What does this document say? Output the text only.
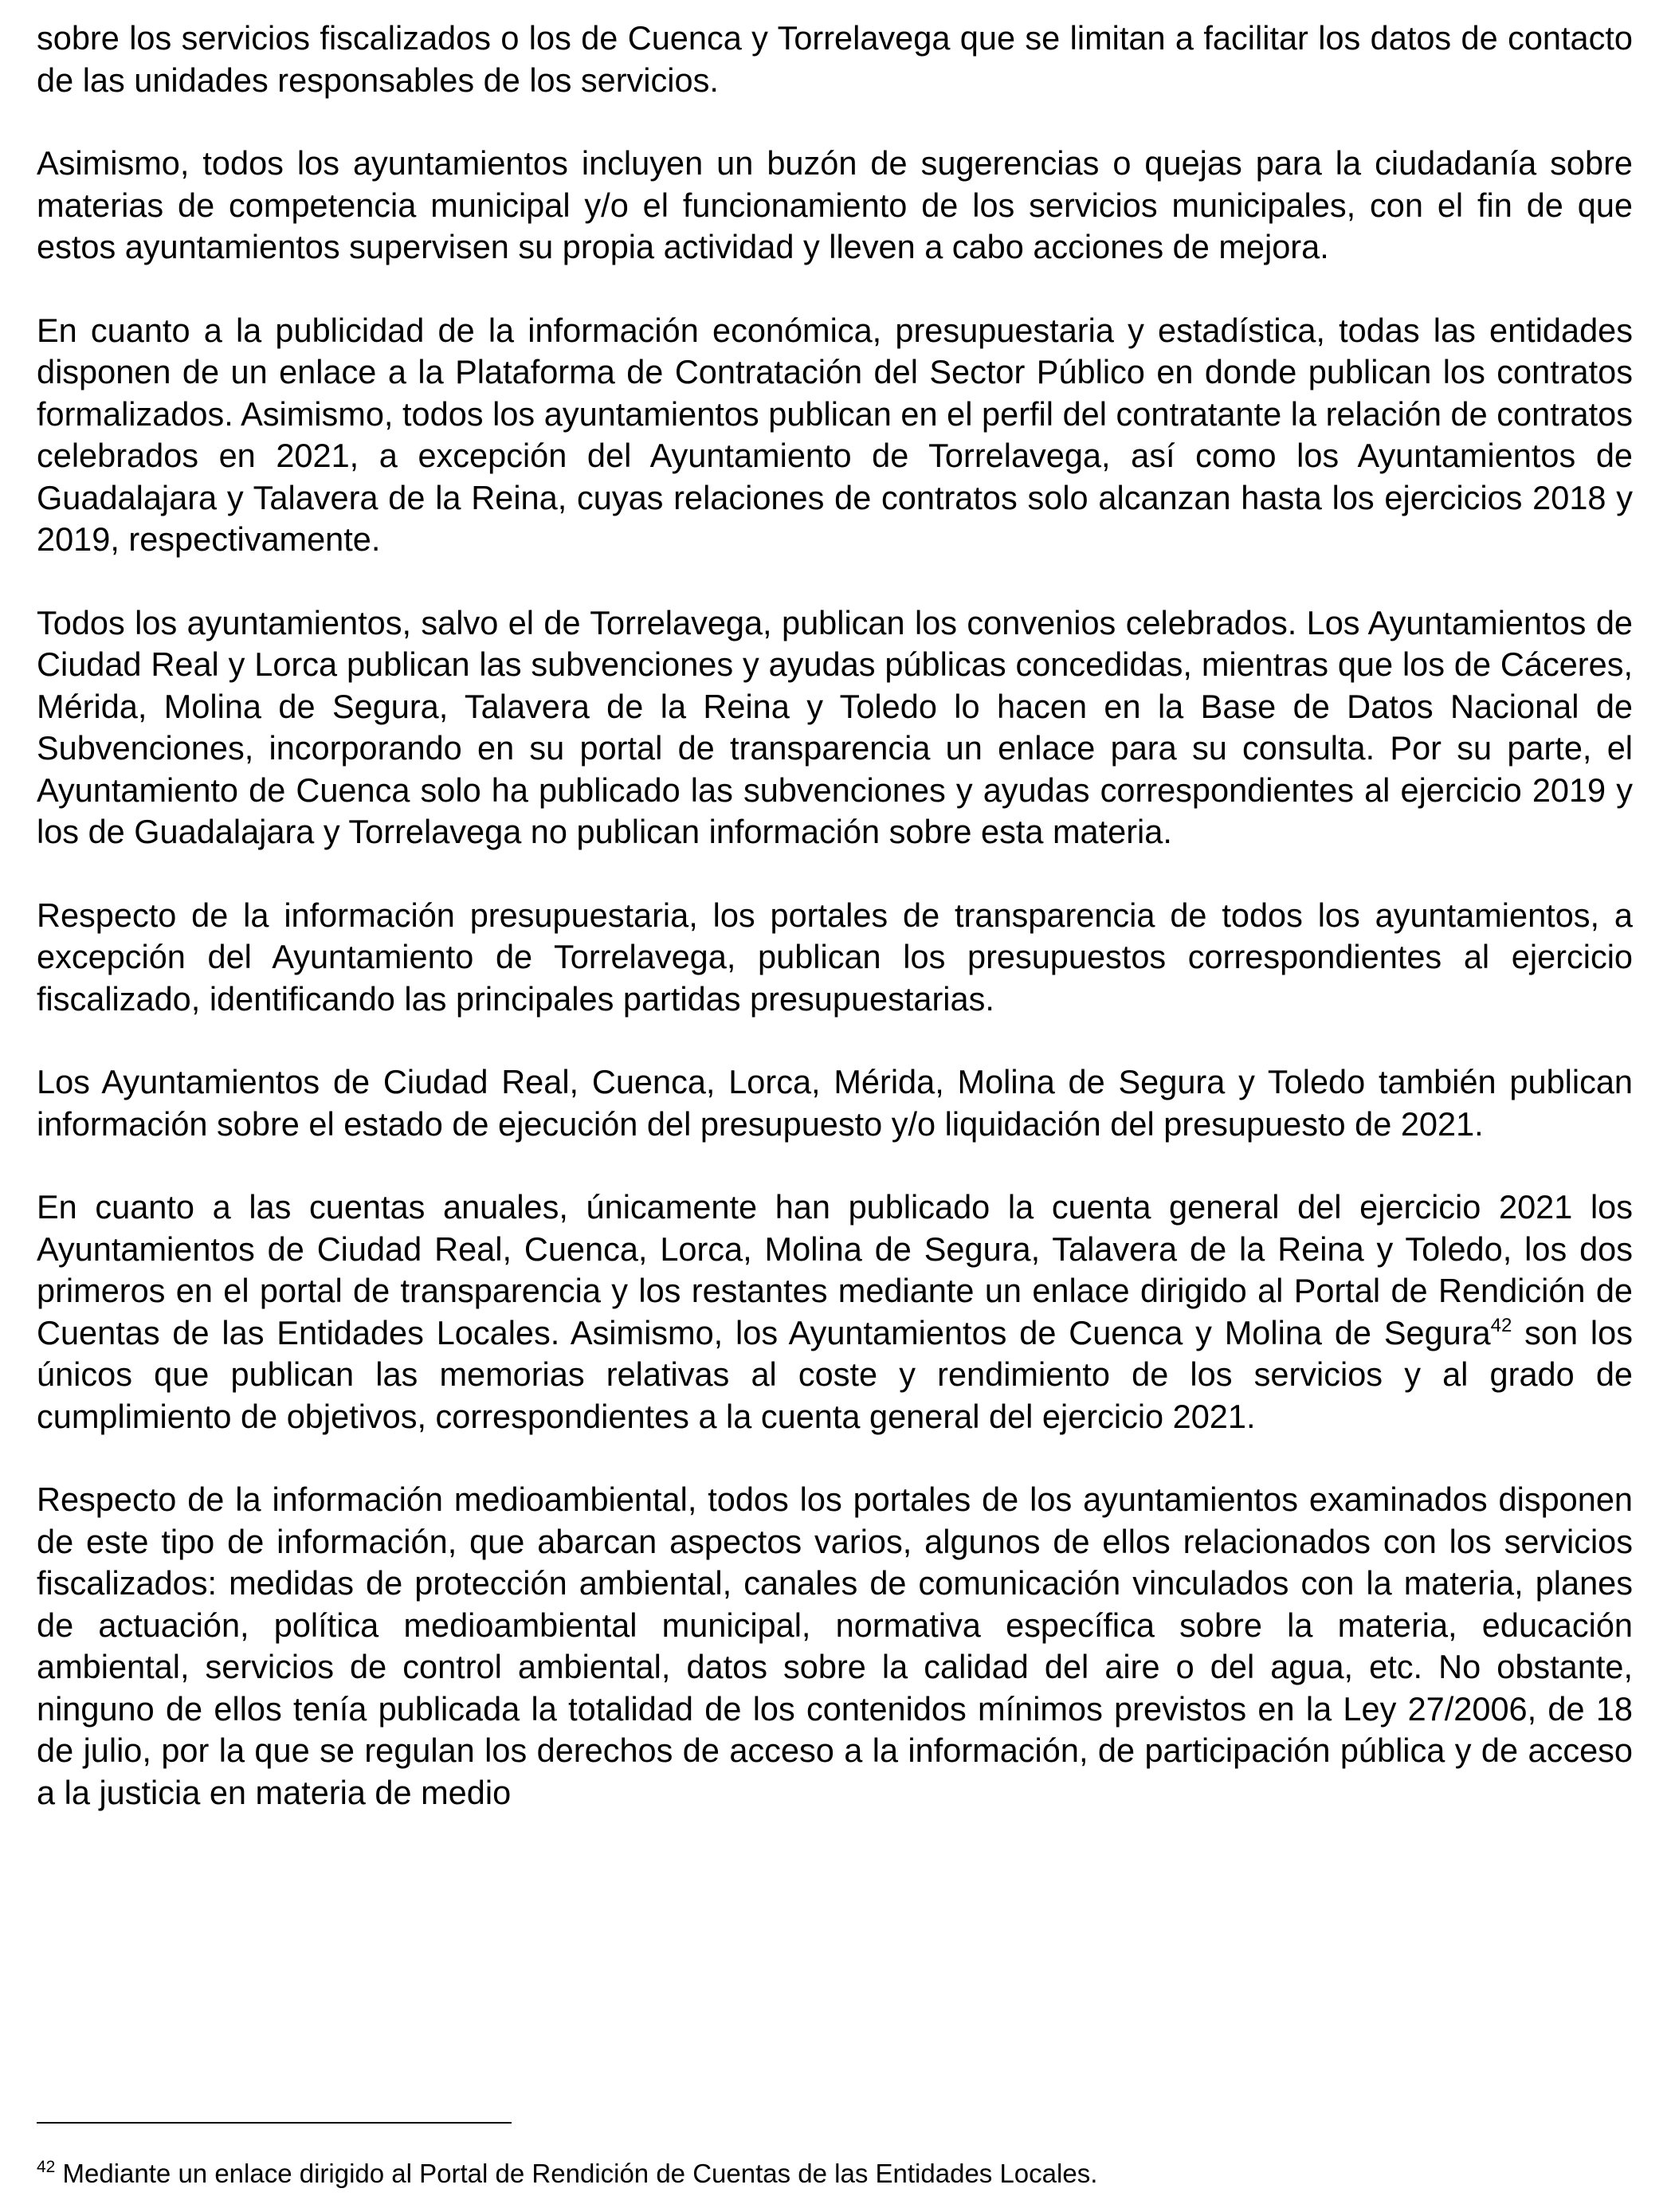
sobre los servicios fiscalizados o los de Cuenca y Torrelavega que se limitan a facilitar los datos de contacto de las unidades responsables de los servicios.

Asimismo, todos los ayuntamientos incluyen un buzón de sugerencias o quejas para la ciudadanía sobre materias de competencia municipal y/o el funcionamiento de los servicios municipales, con el fin de que estos ayuntamientos supervisen su propia actividad y lleven a cabo acciones de mejora.

En cuanto a la publicidad de la información económica, presupuestaria y estadística, todas las entidades disponen de un enlace a la Plataforma de Contratación del Sector Público en donde publican los contratos formalizados. Asimismo, todos los ayuntamientos publican en el perfil del contratante la relación de contratos celebrados en 2021, a excepción del Ayuntamiento de Torrelavega, así como los Ayuntamientos de Guadalajara y Talavera de la Reina, cuyas relaciones de contratos solo alcanzan hasta los ejercicios 2018 y 2019, respectivamente.

Todos los ayuntamientos, salvo el de Torrelavega, publican los convenios celebrados. Los Ayuntamientos de Ciudad Real y Lorca publican las subvenciones y ayudas públicas concedidas, mientras que los de Cáceres, Mérida, Molina de Segura, Talavera de la Reina y Toledo lo hacen en la Base de Datos Nacional de Subvenciones, incorporando en su portal de transparencia un enlace para su consulta. Por su parte, el Ayuntamiento de Cuenca solo ha publicado las subvenciones y ayudas correspondientes al ejercicio 2019 y los de Guadalajara y Torrelavega no publican información sobre esta materia.

Respecto de la información presupuestaria, los portales de transparencia de todos los ayuntamientos, a excepción del Ayuntamiento de Torrelavega, publican los presupuestos correspondientes al ejercicio fiscalizado, identificando las principales partidas presupuestarias.

Los Ayuntamientos de Ciudad Real, Cuenca, Lorca, Mérida, Molina de Segura y Toledo también publican información sobre el estado de ejecución del presupuesto y/o liquidación del presupuesto de 2021.

En cuanto a las cuentas anuales, únicamente han publicado la cuenta general del ejercicio 2021 los Ayuntamientos de Ciudad Real, Cuenca, Lorca, Molina de Segura, Talavera de la Reina y Toledo, los dos primeros en el portal de transparencia y los restantes mediante un enlace dirigido al Portal de Rendición de Cuentas de las Entidades Locales. Asimismo, los Ayuntamientos de Cuenca y Molina de Segura$^{42}$ son los únicos que publican las memorias relativas al coste y rendimiento de los servicios y al grado de cumplimiento de objetivos, correspondientes a la cuenta general del ejercicio 2021.

Respecto de la información medioambiental, todos los portales de los ayuntamientos examinados disponen de este tipo de información, que abarcan aspectos varios, algunos de ellos relacionados con los servicios fiscalizados: medidas de protección ambiental, canales de comunicación vinculados con la materia, planes de actuación, política medioambiental municipal, normativa específica sobre la materia, educación ambiental, servicios de control ambiental, datos sobre la calidad del aire o del agua, etc. No obstante, ninguno de ellos tenía publicada la totalidad de los contenidos mínimos previstos en la Ley 27/2006, de 18 de julio, por la que se regulan los derechos de acceso a la información, de participación pública y de acceso a la justicia en materia de medio

$^{42}$ Mediante un enlace dirigido al Portal de Rendición de Cuentas de las Entidades Locales.
